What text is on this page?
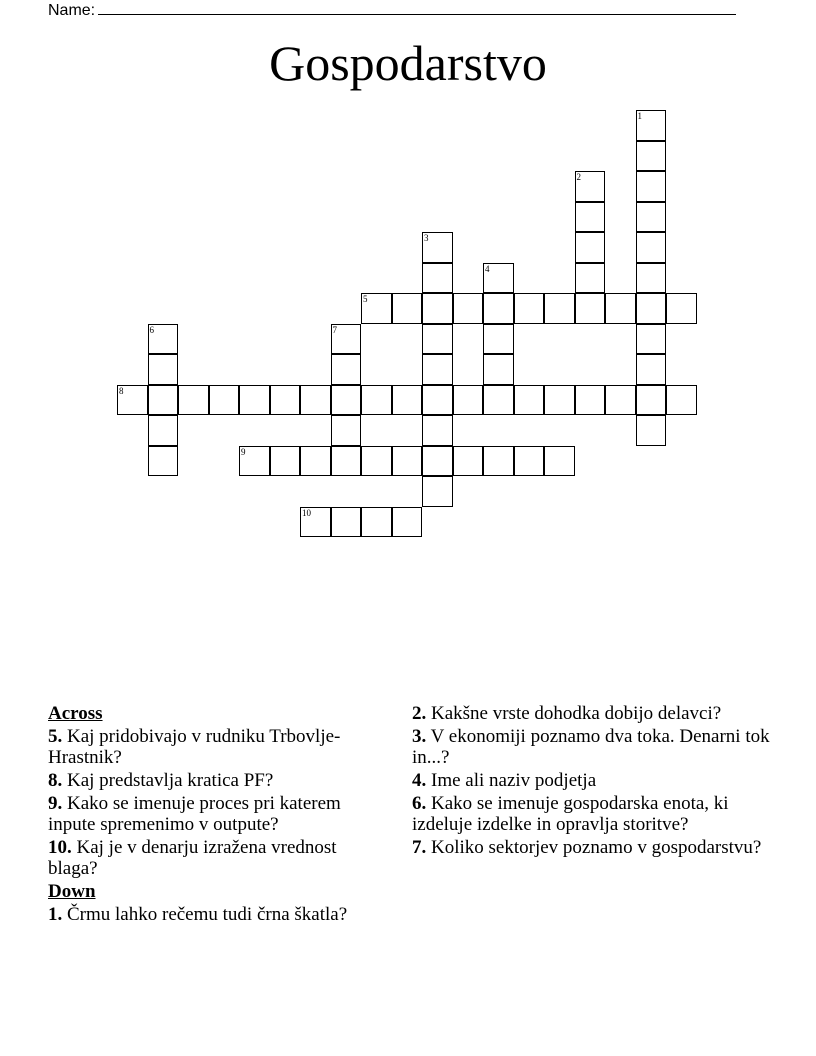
Name:
Gospodarstvo
1
2
3
4
5
6	7
8
9
10
Across
5. Kaj pridobivajo v rudniku Trbovlje-Hrastnik?
8. Kaj predstavlja kratica PF?
9. Kako se imenuje proces pri katerem inpute spremenimo v outpute?
10. Kaj je v denarju izražena vrednost blaga?
Down
1. Črmu lahko rečemu tudi črna škatla?
2. Kakšne vrste dohodka dobijo delavci?
3. V ekonomiji poznamo dva toka. Denarni tok in...?
4. Ime ali naziv podjetja
6. Kako se imenuje gospodarska enota, ki izdeluje izdelke in opravlja storitve?
7. Koliko sektorjev poznamo v gospodarstvu?
